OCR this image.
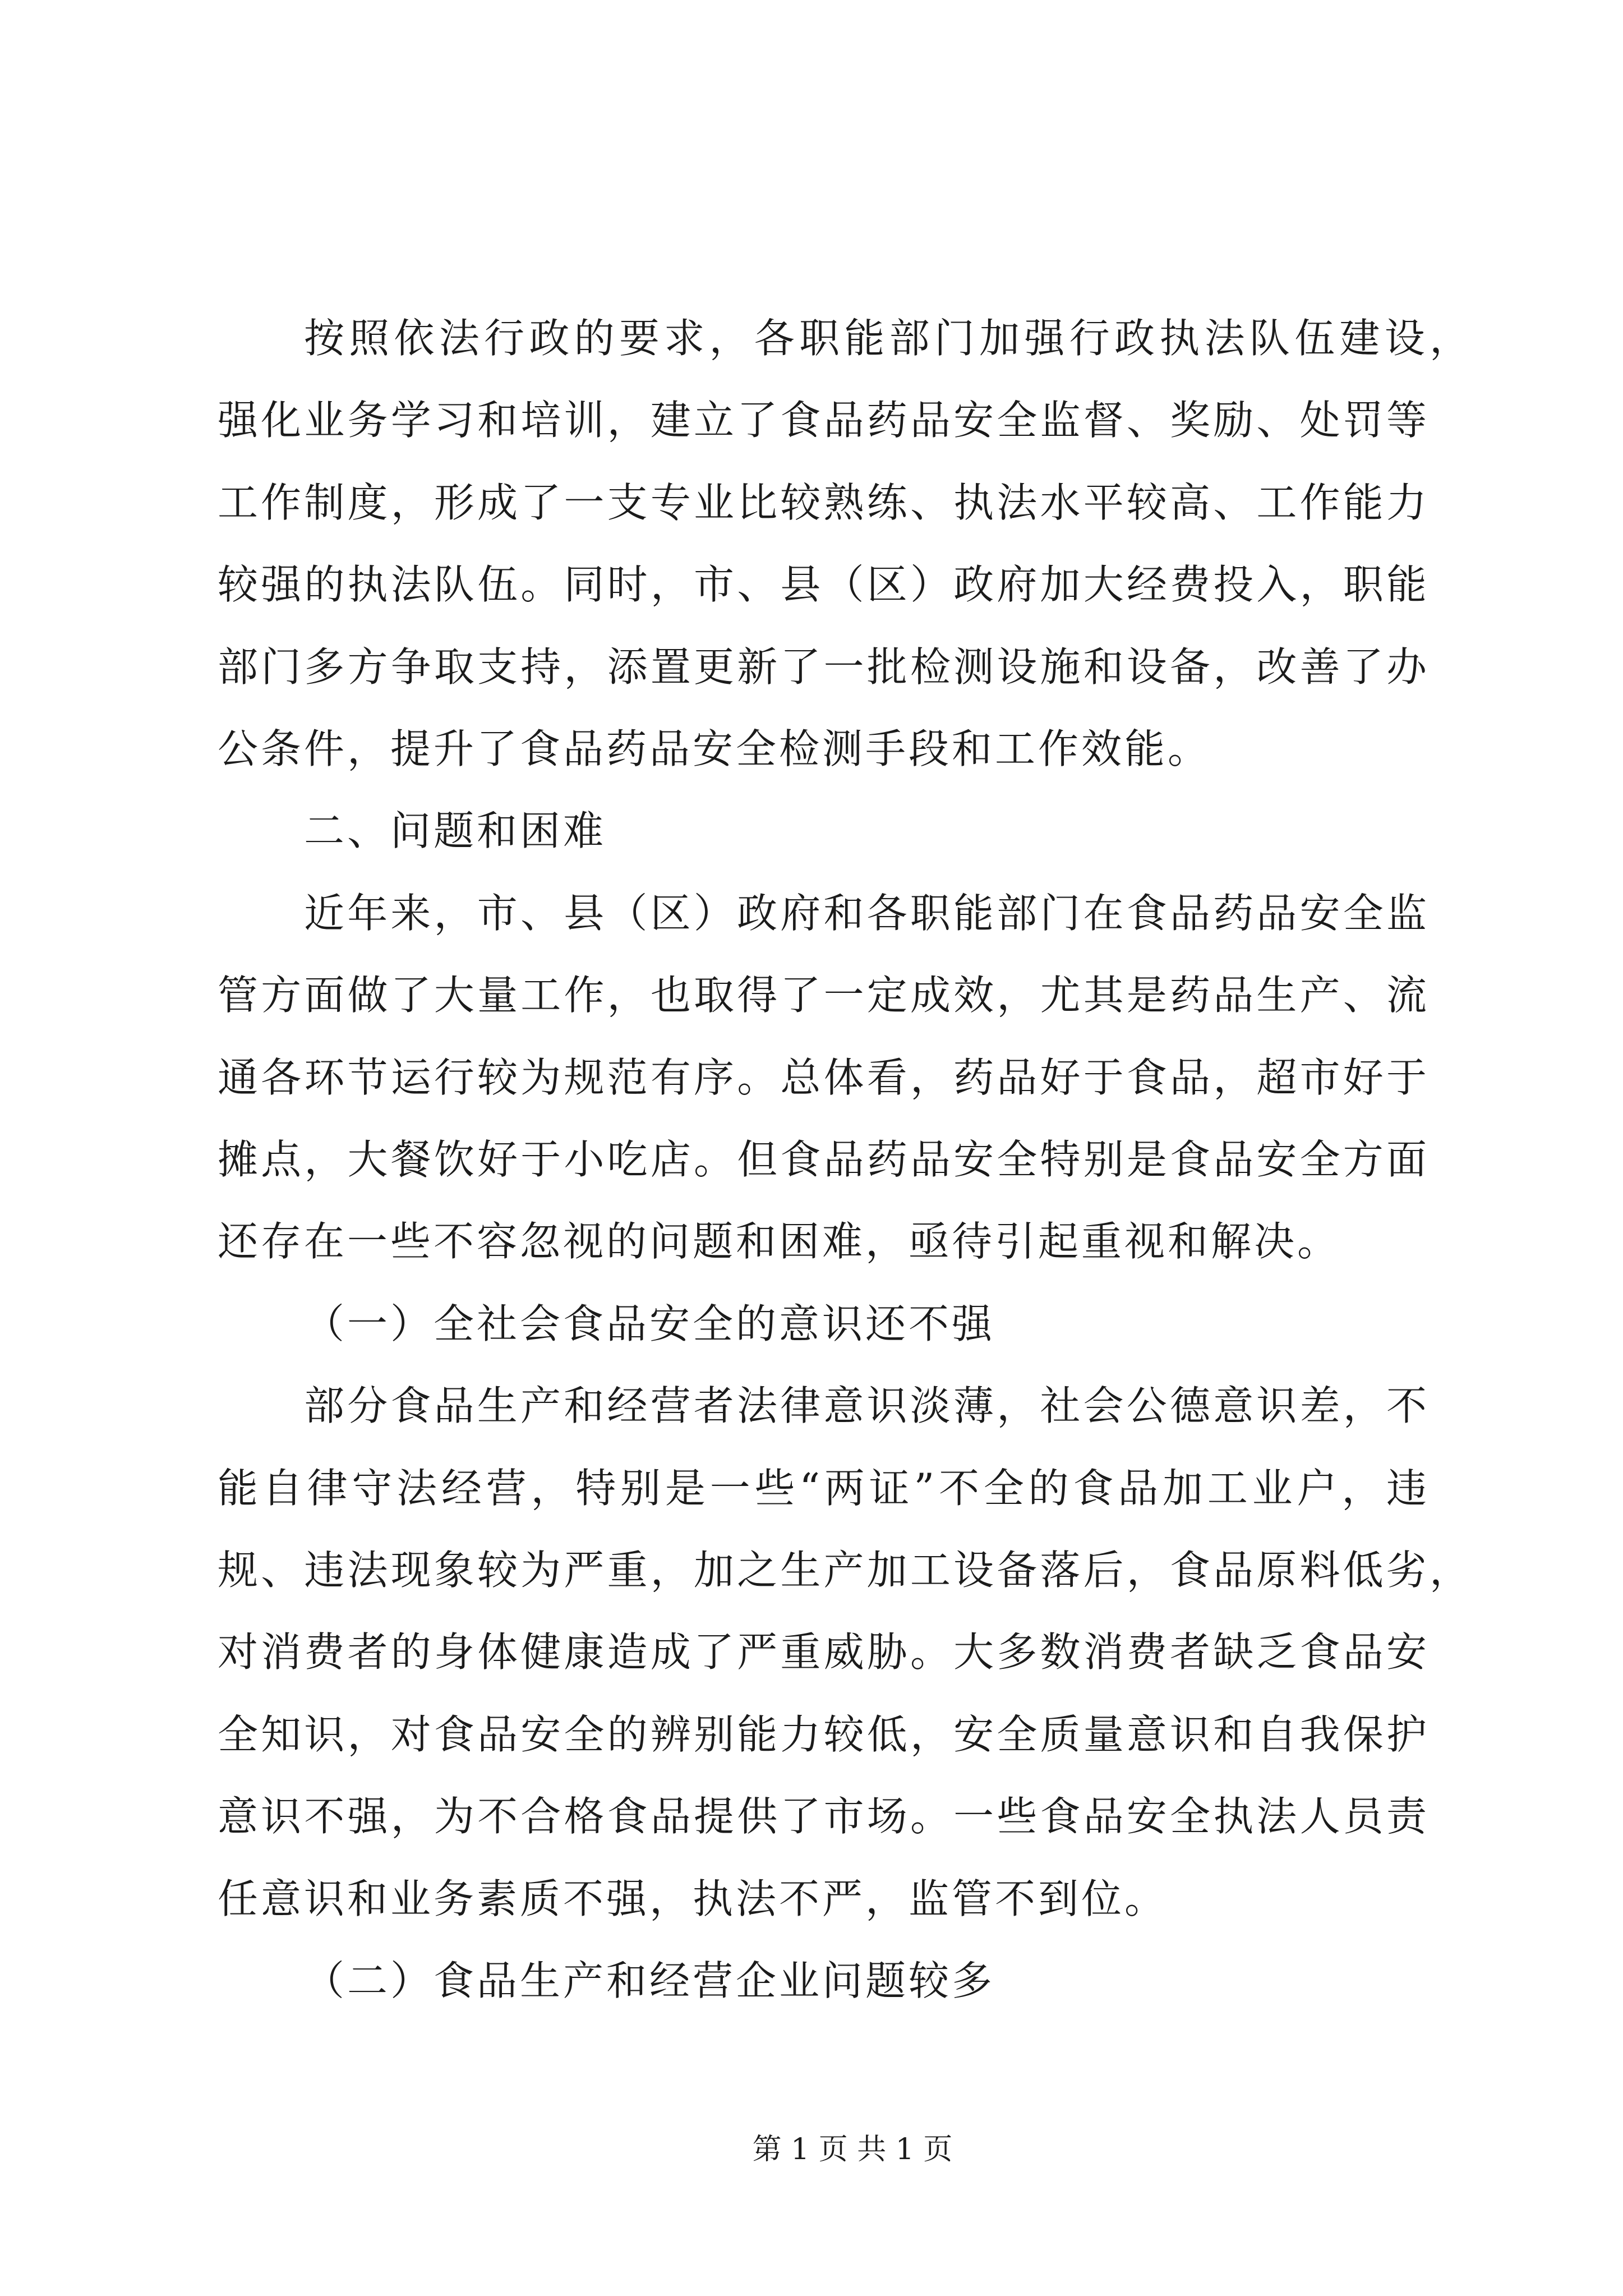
按照依法行政的要求，各职能部门加强行政执法队伍建设，
强化业务学习和培训，建立了食品药品安全监督、奖励、处罚等
工作制度，形成了一支专业比较熟练、执法水平较高、工作能力
较强的执法队伍。同时，市、县（区）政府加大经费投入，职能
部门多方争取支持，添置更新了一批检测设施和设备，改善了办
公条件，提升了食品药品安全检测手段和工作效能。
二、问题和困难
近年来，市、县（区）政府和各职能部门在食品药品安全监
管方面做了大量工作，也取得了一定成效，尤其是药品生产、流
通各环节运行较为规范有序。总体看，药品好于食品，超市好于
摊点，大餐饮好于小吃店。但食品药品安全特别是食品安全方面
还存在一些不容忽视的问题和困难，亟待引起重视和解决。
（一）全社会食品安全的意识还不强
部分食品生产和经营者法律意识淡薄，社会公德意识差，不
能自律守法经营，特别是一些“两证”不全的食品加工业户，违
规、违法现象较为严重，加之生产加工设备落后，食品原料低劣，
对消费者的身体健康造成了严重威胁。大多数消费者缺乏食品安
全知识，对食品安全的辨别能力较低，安全质量意识和自我保护
意识不强，为不合格食品提供了市场。一些食品安全执法人员责
任意识和业务素质不强，执法不严，监管不到位。
（二）食品生产和经营企业问题较多
第 1 页 共 1 页
